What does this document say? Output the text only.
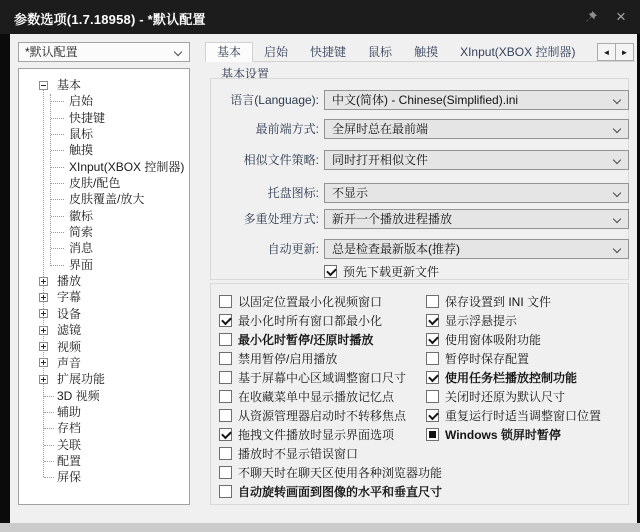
参数选项(1.7.18958) - *默认配置	×
*默认配置
基本
启始
快捷键
鼠标
触摸
XInput(XBOX 控制器)
皮肤/配色
皮肤覆盖/放大
徽标
简索
消息
界面
播放
字幕
设备
滤镜
视频
声音
扩展功能
3D 视频
辅助
存档
关联
配置
屏保
基本	启始	快捷键	鼠标	触摸	XInput(XBOX 控制器)	◄	►
基本设置
预先下载更新文件
语言(Language):	中文(简体) - Chinese(Simplified).ini
最前端方式:	全屏时总在最前端
相似文件策略:	同时打开相似文件
托盘图标:	不显示
多重处理方式:	新开一个播放进程播放
自动更新:	总是检查最新版本(推荐)
以固定位置最小化视频窗口
最小化时所有窗口都最小化
最小化时暂停/还原时播放
禁用暂停/启用播放
基于屏幕中心区域调整窗口尺寸
在收藏菜单中显示播放记忆点
从资源管理器启动时不转移焦点
拖拽文件播放时显示界面选项
播放时不显示错误窗口
不聊天时在聊天区使用各种浏览器功能
自动旋转画面到图像的水平和垂直尺寸
保存设置到 INI 文件
显示浮悬提示
使用窗体吸附功能
暂停时保存配置
使用任务栏播放控制功能
关闭时还原为默认尺寸
重复运行时适当调整窗口位置
Windows 锁屏时暂停
